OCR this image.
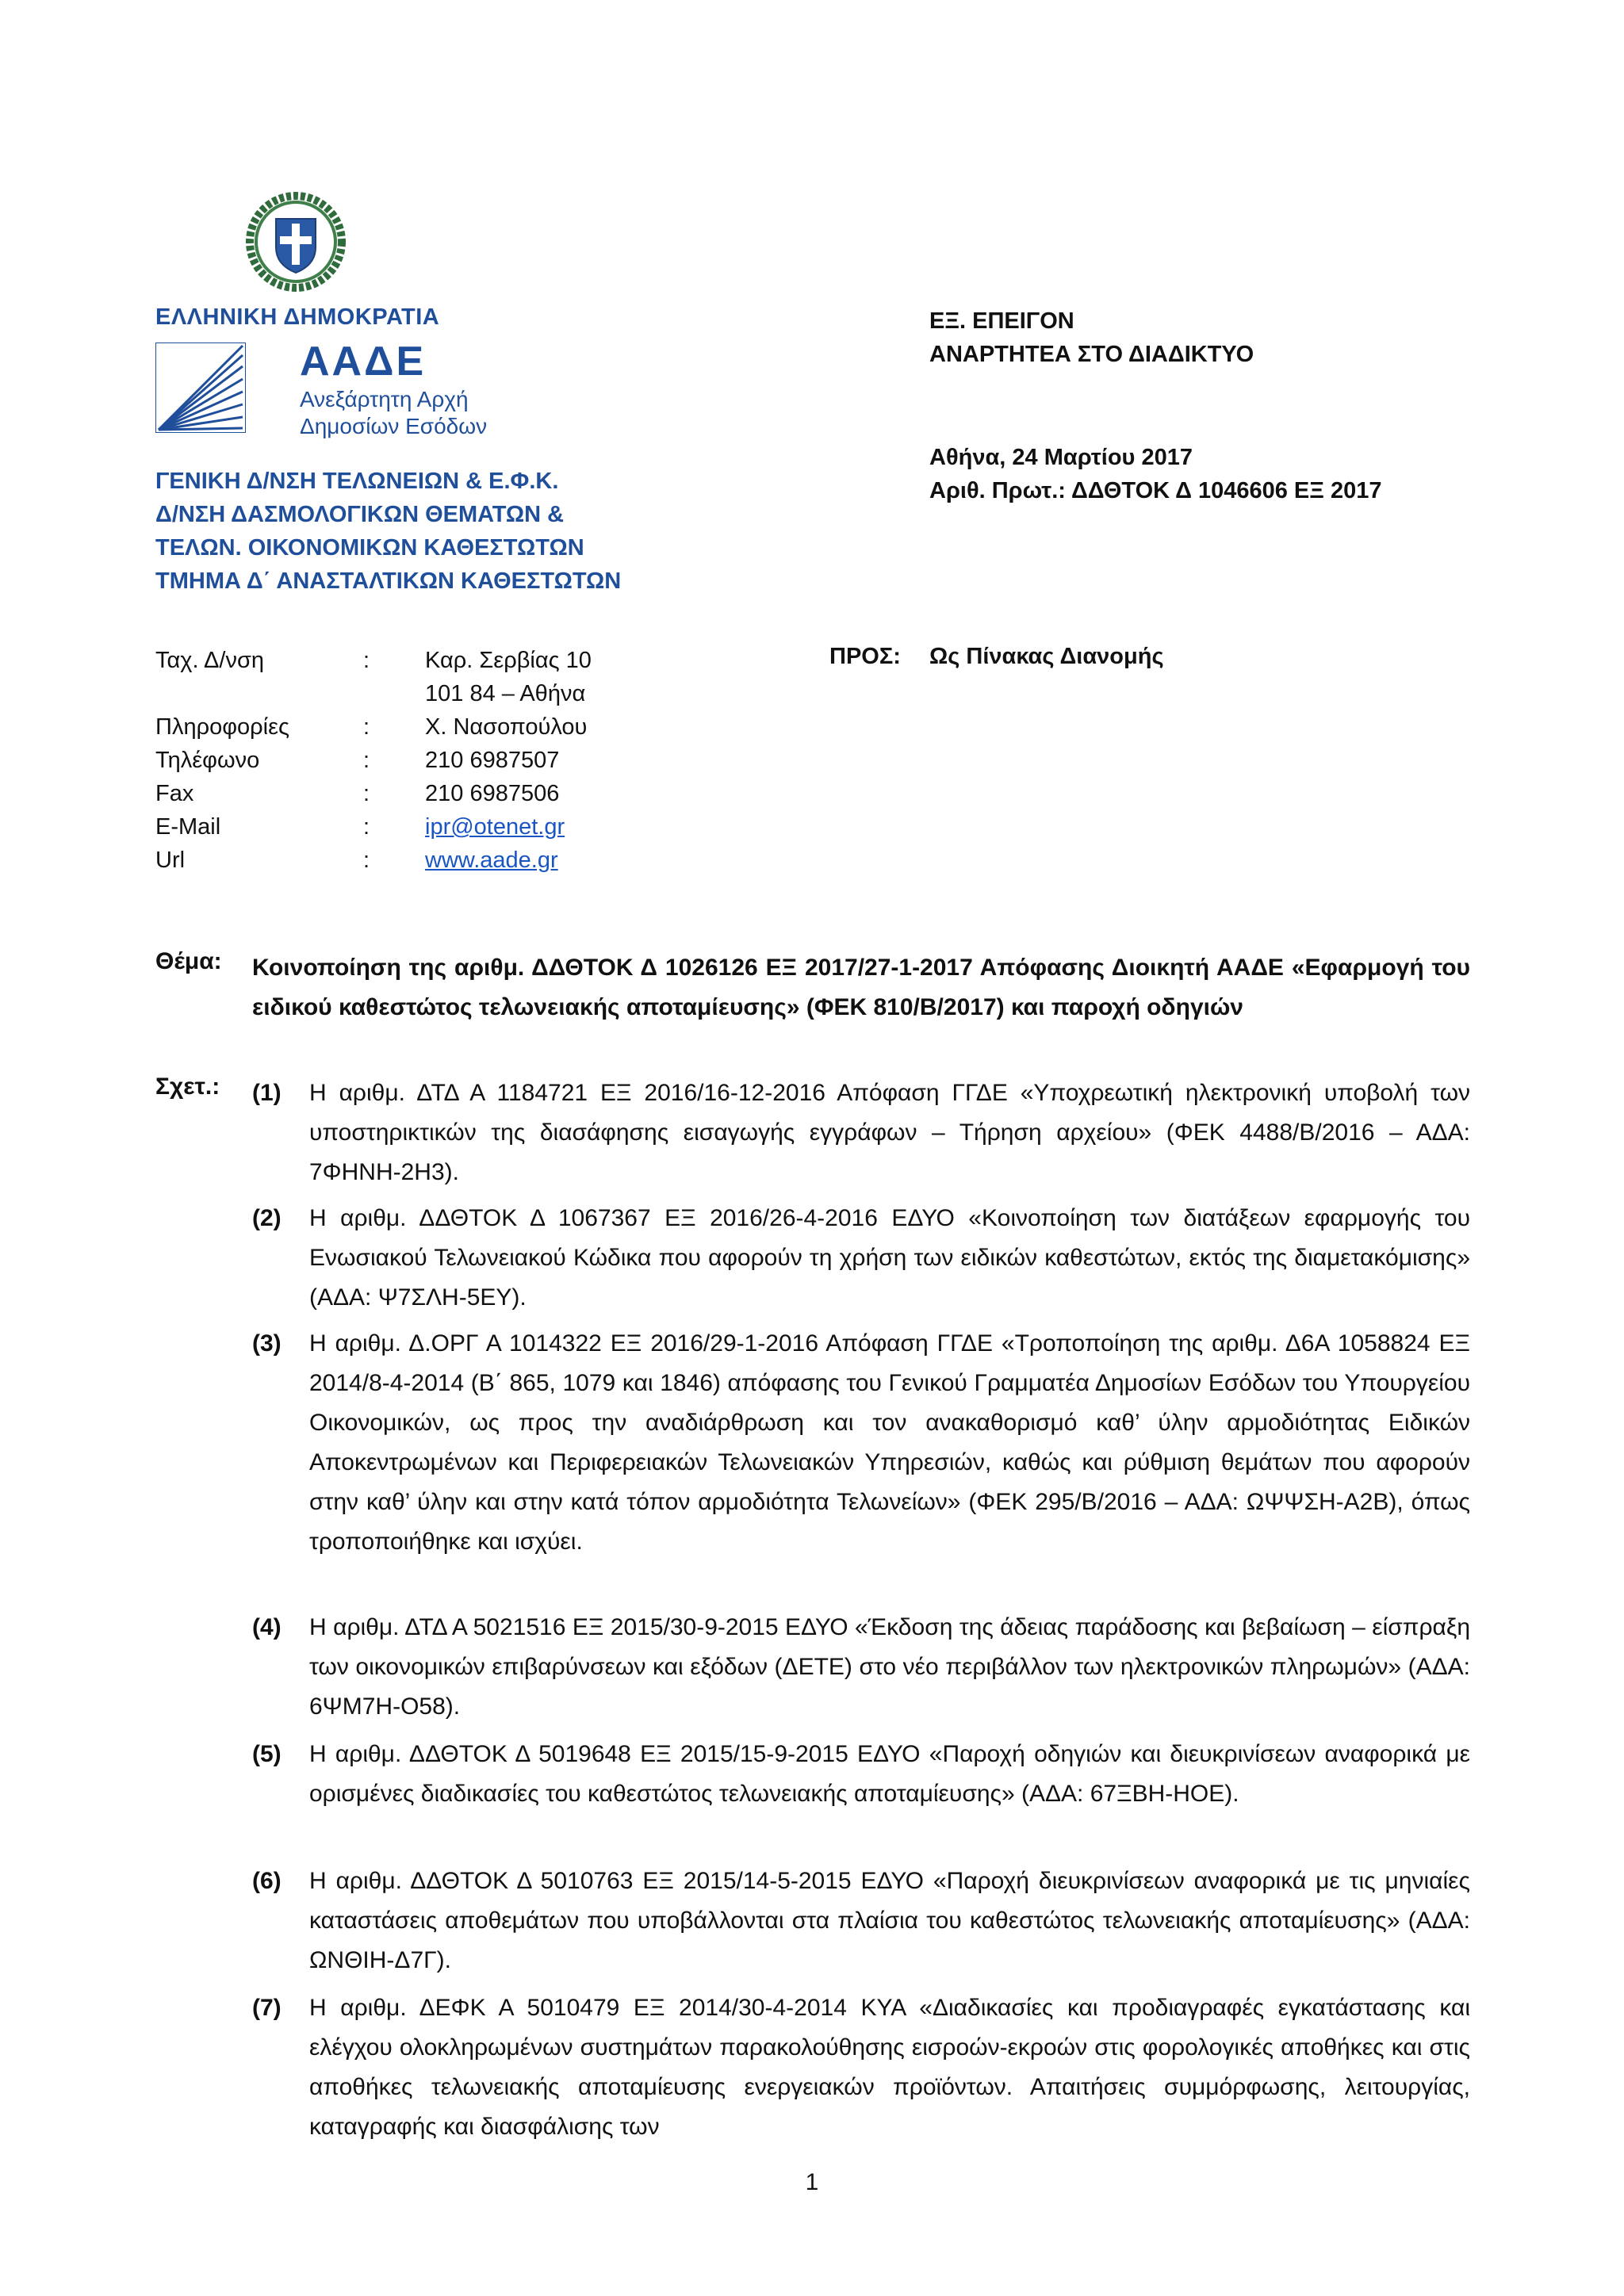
ΕΛΛΗΝΙΚΗ ΔΗΜΟΚΡΑΤΙΑ
ΑΑΔΕ
Ανεξάρτητη Αρχή
Δημοσίων Εσόδων
ΓΕΝΙΚΗ Δ/ΝΣΗ ΤΕΛΩΝΕΙΩΝ & Ε.Φ.Κ.
Δ/ΝΣΗ ΔΑΣΜΟΛΟΓΙΚΩΝ ΘΕΜΑΤΩΝ &
ΤΕΛΩΝ. ΟΙΚΟΝΟΜΙΚΩΝ ΚΑΘΕΣΤΩΤΩΝ
ΤΜΗΜΑ Δ΄ ΑΝΑΣΤΑΛΤΙΚΩΝ ΚΑΘΕΣΤΩΤΩΝ
ΕΞ. ΕΠΕΙΓΟΝ
ΑΝΑΡΤΗΤΕΑ ΣΤΟ ΔΙΑΔΙΚΤΥΟ
Αθήνα, 24 Μαρτίου 2017
Αριθ. Πρωτ.: ΔΔΘΤΟΚ Δ 1046606 ΕΞ 2017
Ταχ. Δ/νση	: Καρ. Σερβίας 10
101 84 – Αθήνα
Πληροφορίες	: Χ. Νασοπούλου
Τηλέφωνο	: 210 6987507
Fax	: 210 6987506
E-Mail	: ipr@otenet.gr
Url	: www.aade.gr
ΠΡΟΣ: Ως Πίνακας Διανομής
Θέμα: Κοινοποίηση της αριθμ. ΔΔΘΤΟΚ Δ 1026126 ΕΞ 2017/27-1-2017 Απόφασης Διοικητή ΑΑΔΕ «Εφαρμογή του ειδικού καθεστώτος τελωνειακής αποταμίευσης» (ΦΕΚ 810/Β/2017) και παροχή οδηγιών
Σχετ.: (1) Η αριθμ. ΔΤΔ Α 1184721 ΕΞ 2016/16-12-2016 Απόφαση ΓΓΔΕ «Υποχρεωτική ηλεκτρονική υποβολή των υποστηρικτικών της διασάφησης εισαγωγής εγγράφων – Τήρηση αρχείου» (ΦΕΚ 4488/Β/2016 – ΑΔΑ: 7ΦΗΝΗ-2Η3).
(2) Η αριθμ. ΔΔΘΤΟΚ Δ 1067367 ΕΞ 2016/26-4-2016 ΕΔΥΟ «Κοινοποίηση των διατάξεων εφαρμογής του Ενωσιακού Τελωνειακού Κώδικα που αφορούν τη χρήση των ειδικών καθεστώτων, εκτός της διαμετακόμισης» (ΑΔΑ: Ψ7ΣΛΗ-5ΕΥ).
(3) Η αριθμ. Δ.ΟΡΓ Α 1014322 ΕΞ 2016/29-1-2016 Απόφαση ΓΓΔΕ «Τροποποίηση της αριθμ. Δ6Α 1058824 ΕΞ 2014/8-4-2014 (Β΄ 865, 1079 και 1846) απόφασης του Γενικού Γραμματέα Δημοσίων Εσόδων του Υπουργείου Οικονομικών, ως προς την αναδιάρθρωση και τον ανακαθορισμό καθ’ ύλην αρμοδιότητας Ειδικών Αποκεντρωμένων και Περιφερειακών Τελωνειακών Υπηρεσιών, καθώς και ρύθμιση θεμάτων που αφορούν στην καθ’ ύλην και στην κατά τόπον αρμοδιότητα Τελωνείων» (ΦΕΚ 295/Β/2016 – ΑΔΑ: ΩΨΨΣΗ-Α2Β), όπως τροποποιήθηκε και ισχύει.
(4) Η αριθμ. ΔΤΔ Α 5021516 ΕΞ 2015/30-9-2015 ΕΔΥΟ «Έκδοση της άδειας παράδοσης και βεβαίωση – είσπραξη των οικονομικών επιβαρύνσεων και εξόδων (ΔΕΤΕ) στο νέο περιβάλλον των ηλεκτρονικών πληρωμών» (ΑΔΑ: 6ΨΜ7Η-Ο58).
(5) Η αριθμ. ΔΔΘΤΟΚ Δ 5019648 ΕΞ 2015/15-9-2015 ΕΔΥΟ «Παροχή οδηγιών και διευκρινίσεων αναφορικά με ορισμένες διαδικασίες του καθεστώτος τελωνειακής αποταμίευσης» (ΑΔΑ: 67ΞΒΗ-ΗΟΕ).
(6) Η αριθμ. ΔΔΘΤΟΚ Δ 5010763 ΕΞ 2015/14-5-2015 ΕΔΥΟ «Παροχή διευκρινίσεων αναφορικά με τις μηνιαίες καταστάσεις αποθεμάτων που υποβάλλονται στα πλαίσια του καθεστώτος τελωνειακής αποταμίευσης» (ΑΔΑ: ΩΝΘΙΗ-Δ7Γ).
(7) Η αριθμ. ΔΕΦΚ Α 5010479 ΕΞ 2014/30-4-2014 ΚΥΑ «Διαδικασίες και προδιαγραφές εγκατάστασης και ελέγχου ολοκληρωμένων συστημάτων παρακολούθησης εισροών-εκροών στις φορολογικές αποθήκες και στις αποθήκες τελωνειακής αποταμίευσης ενεργειακών προϊόντων. Απαιτήσεις συμμόρφωσης, λειτουργίας, καταγραφής και διασφάλισης των
1
